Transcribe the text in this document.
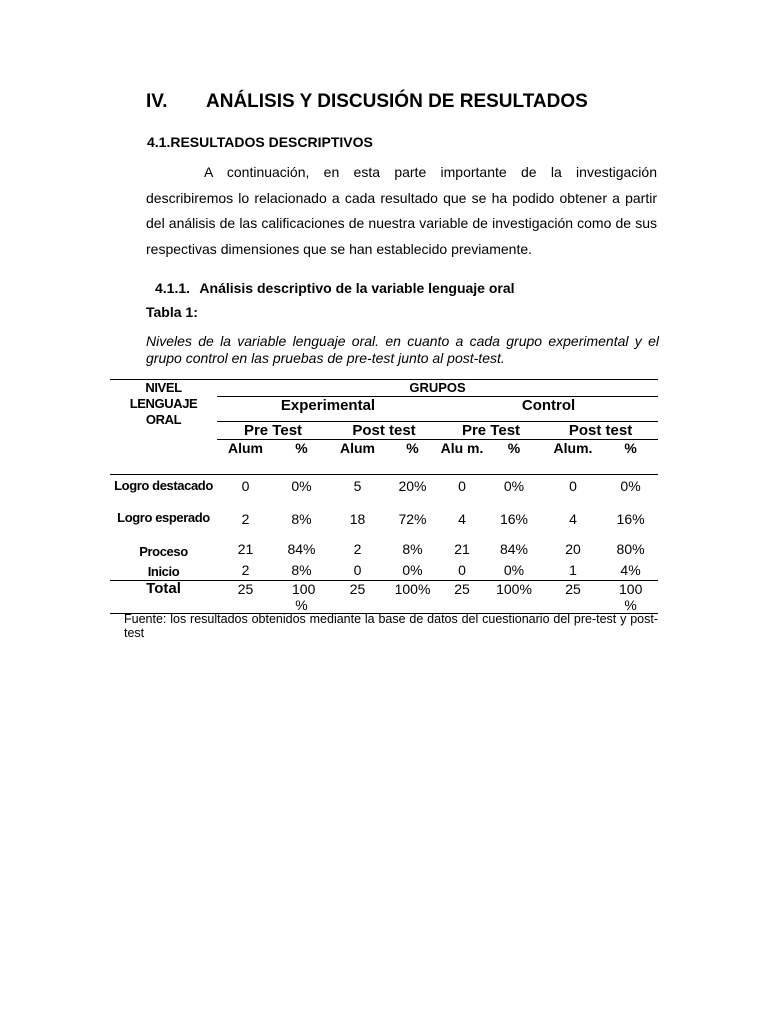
IV. ANÁLISIS Y DISCUSIÓN DE RESULTADOS
4.1.RESULTADOS DESCRIPTIVOS

A continuación, en esta parte importante de la investigación describiremos lo relacionado a cada resultado que se ha podido obtener a partir del análisis de las calificaciones de nuestra variable de investigación como de sus respectivas dimensiones que se han establecido previamente.

4.1.1. Análisis descriptivo de la variable lenguaje oral

Tabla 1:

Niveles de la variable lenguaje oral. en cuanto a cada grupo experimental y el grupo control en las pruebas de pre-test junto al post-test.

NIVEL LENGUAJE ORAL	GRUPOS							
	Experimental				Control			
	Pre Test		Post test		Pre Test		Post test	
	Alum	%	Alum	%	Alu m.	%	Alum.	%
Logro destacado	0	0%	5	20%	0	0%	0	0%
Logro esperado	2	8%	18	72%	4	16%	4	16%
Proceso	21	84%	2	8%	21	84%	20	80%
Inicio	2	8%	0	0%	0	0%	1	4%
Total	25	100 %	25	100%	25	100%	25	100 %

Fuente: los resultados obtenidos mediante la base de datos del cuestionario del pre-test y post-test
